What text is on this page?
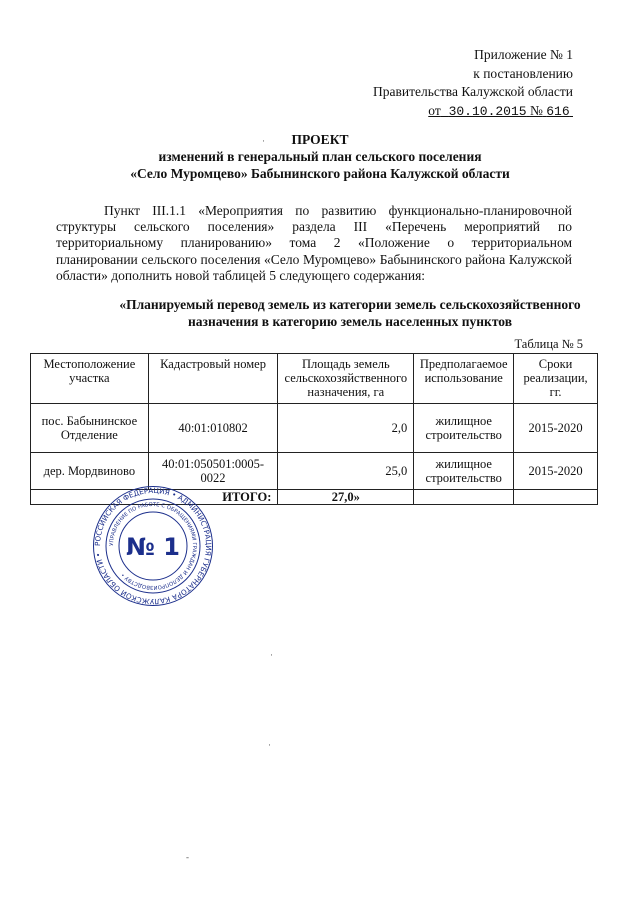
Приложение № 1
к постановлению
Правительства Калужской области
от 30.10.2015 № 616
ПРОЕКТ
изменений в генеральный план сельского поселения
«Село Муромцево» Бабынинского района Калужской области
Пункт III.1.1 «Мероприятия по развитию функционально-планировочной структуры сельского поселения» раздела III «Перечень мероприятий по территориальному планированию» тома 2 «Положение о территориальном планировании сельского поселения «Село Муромцево» Бабынинского района Калужской области» дополнить новой таблицей 5 следующего содержания:
«Планируемый перевод земель из категории земель сельскохозяйственного назначения в категорию земель населенных пунктов
Таблица № 5
Местоположение участка	Кадастровый номер	Площадь земель сельскохозяйственного назначения, га	Предполагаемое использование	Сроки реализации, гг.
пос. Бабынинское Отделение	40:01:010802	2,0	жилищное строительство	2015-2020
дер. Мордвиново	40:01:050501:0005-0022	25,0	жилищное строительство	2015-2020
ИТОГО:		27,0»		
РОССИЙСКАЯ ФЕДЕРАЦИЯ • АДМИНИСТРАЦИЯ ГУБЕРНАТОРА КАЛУЖСКОЙ ОБЛАСТИ •
УПРАВЛЕНИЕ ПО РАБОТЕ С ОБРАЩЕНИЯМИ ГРАЖДАН И ДЕЛОПРОИЗВОДСТВУ •
№ 1
·
·
·
-
